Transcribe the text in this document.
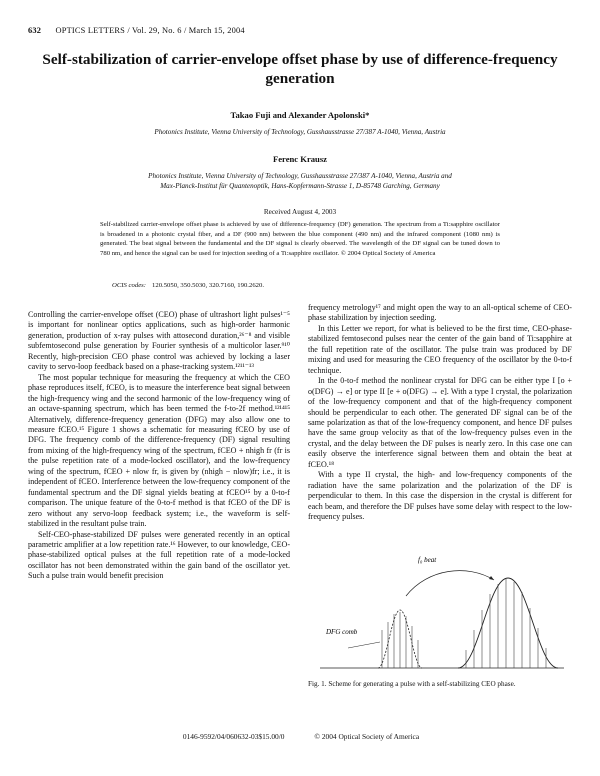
632 OPTICS LETTERS / Vol. 29, No. 6 / March 15, 2004
Self-stabilization of carrier-envelope offset phase by use of difference-frequency generation
Takao Fuji and Alexander Apolonski*
Photonics Institute, Vienna University of Technology, Gusshausstrasse 27/387 A-1040, Vienna, Austria
Ferenc Krausz
Photonics Institute, Vienna University of Technology, Gusshausstrasse 27/387 A-1040, Vienna, Austria and
Max-Planck-Institut für Quantenoptik, Hans-Kopfermann-Strasse 1, D-85748 Garching, Germany
Received August 4, 2003
Self-stabilized carrier-envelope offset phase is achieved by use of difference-frequency (DF) generation. The spectrum from a Ti:sapphire oscillator is broadened in a photonic crystal fiber, and a DF (900 nm) between the blue component (490 nm) and the infrared component (1080 nm) is generated. The beat signal between the fundamental and the DF signal is clearly observed. The wavelength of the DF signal can be tuned down to 780 nm, and hence the signal can be used for injection seeding of a Ti:sapphire oscillator. © 2004 Optical Society of America
OCIS codes: 120.5050, 350.5030, 320.7160, 190.2620.

Controlling the carrier-envelope offset (CEO) phase of ultrashort light pulses¹⁻⁵ is important for nonlinear optics applications, such as high-order harmonic generation, production of x-ray pulses with attosecond duration,²⁶⁻⁸ and visible subfemtosecond pulse generation by Fourier synthesis of a multicolor laser.⁹¹⁰ Recently, high-precision CEO phase control was achieved by locking a laser cavity to servo-loop feedback based on a phase-tracking system.¹²¹¹⁻¹³

The most popular technique for measuring the frequency at which the CEO phase reproduces itself, fCEO, is to measure the interference beat signal between the high-frequency wing and the second harmonic of the low-frequency wing of an octave-spanning spectrum, which has been termed the f-to-2f method.¹²¹⁴¹⁵ Alternatively, difference-frequency generation (DFG) may also allow one to measure fCEO.¹⁵ Figure 1 shows a schematic for measuring fCEO by use of DFG. The frequency comb of the difference-frequency (DF) signal resulting from mixing of the high-frequency wing of the spectrum, fCEO + nhigh fr (fr is the pulse repetition rate of a mode-locked oscillator), and the low-frequency wing of the spectrum, fCEO + nlow fr, is given by (nhigh − nlow)fr; i.e., it is independent of fCEO. Interference between the low-frequency component of the fundamental spectrum and the DF signal yields beating at fCEO¹⁵ by a 0-to-f comparison. The unique feature of the 0-to-f method is that fCEO of the DF is zero without any servo-loop feedback system; i.e., the waveform is self-stabilized in the resultant pulse train.

Self-CEO-phase-stabilized DF pulses were generated recently in an optical parametric amplifier at a low repetition rate.¹⁶ However, to our knowledge, CEO-phase-stabilized optical pulses at the full repetition rate of a mode-locked oscillator has not been demonstrated within the gain band of the oscillator yet. Such a pulse train would benefit precision

frequency metrology¹⁷ and might open the way to an all-optical scheme of CEO-phase stabilization by injection seeding.

In this Letter we report, for what is believed to be the first time, CEO-phase-stabilized femtosecond pulses near the center of the gain band of Ti:sapphire at the full repetition rate of the oscillator. The pulse train was produced by DF mixing and used for measuring the CEO frequency of the oscillator by the 0-to-f technique.

In the 0-to-f method the nonlinear crystal for DFG can be either type I [o + o(DFG) → e] or type II [e + o(DFG) → e]. With a type I crystal, the polarization of the low-frequency component and that of the high-frequency component should be perpendicular to each other. The generated DF signal can be of the same polarization as that of the low-frequency component, and hence DF pulses have the same group velocity as that of the low-frequency pulses even in the crystal, and the delay between the DF pulses is nearly zero. In this case one can easily observe the interference signal between them and obtain the beat at fCEO.¹⁸

With a type II crystal, the high- and low-frequency components of the radiation have the same polarization and the polarization of the DF is perpendicular to them. In this case the dispersion in the crystal is different for each beam, and therefore the DF pulses have some delay with respect to the low-frequency pulses.

DFG comb
f₀ beat
Fig. 1. Scheme for generating a pulse with a self-stabilizing CEO phase.
0146-9592/04/060632-03$15.00/0	© 2004 Optical Society of America
